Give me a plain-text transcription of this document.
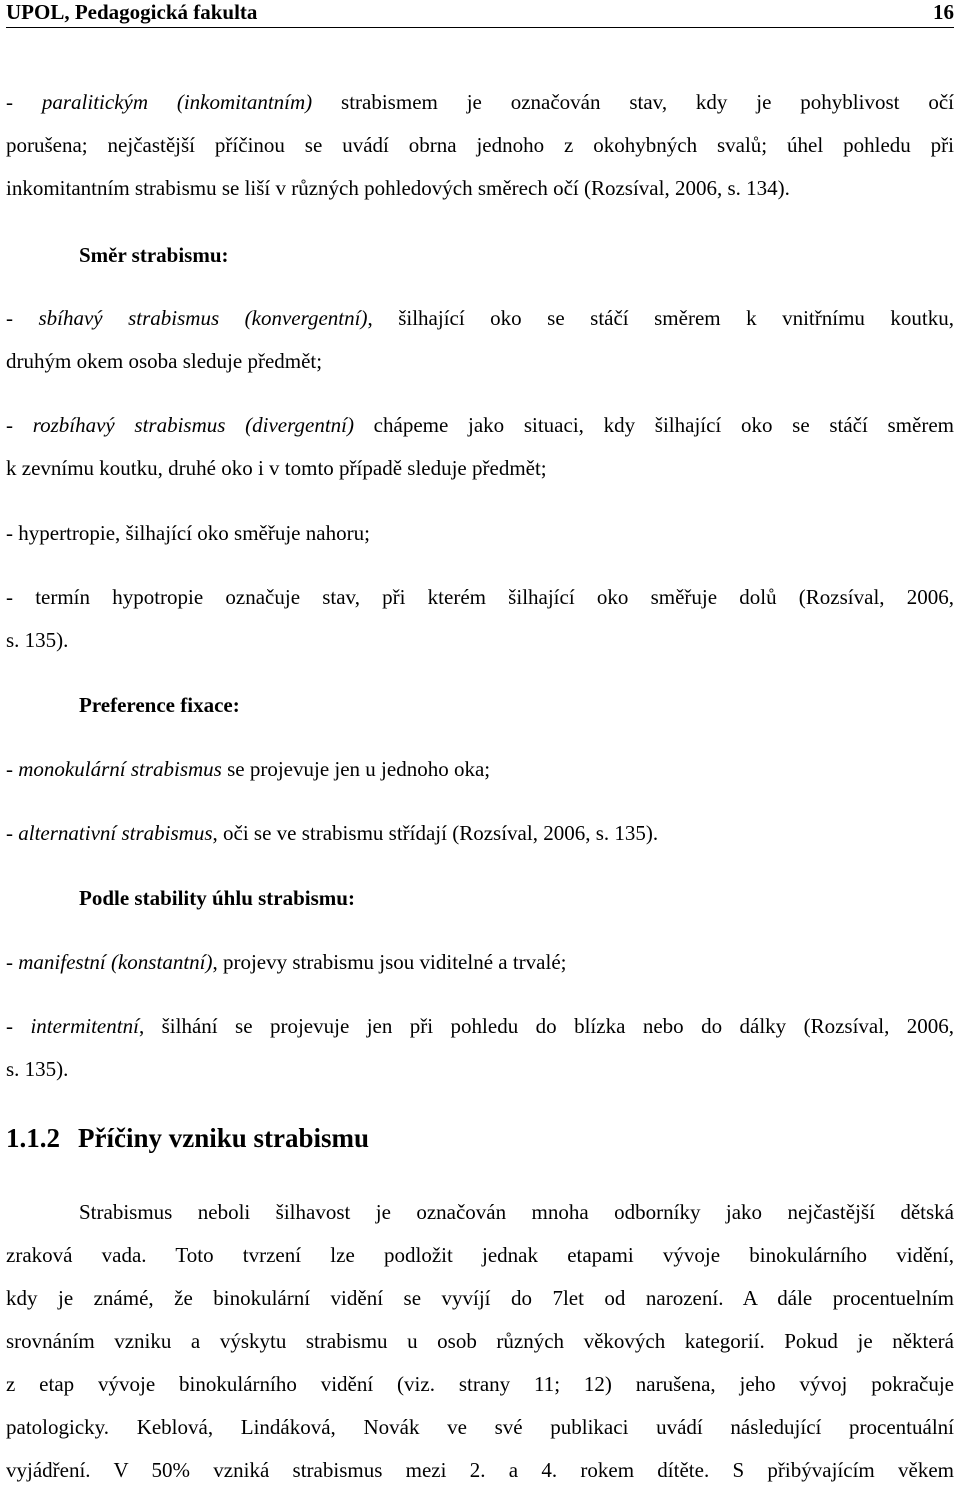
UPOL, Pedagogická fakulta	16
- paralitickým (inkomitantním) strabismem je označován stav, kdy je pohyblivost očí
porušena; nejčastější příčinou se uvádí obrna jednoho z okohybných svalů; úhel pohledu při
inkomitantním strabismu se liší v různých pohledových směrech očí (Rozsíval, 2006, s. 134).
Směr strabismu:
- sbíhavý strabismus (konvergentní), šilhající oko se stáčí směrem k vnitřnímu koutku,
druhým okem osoba sleduje předmět;
- rozbíhavý strabismus (divergentní) chápeme jako situaci, kdy šilhající oko se stáčí směrem
k zevnímu koutku, druhé oko i v tomto případě sleduje předmět;
- hypertropie, šilhající oko směřuje nahoru;
- termín hypotropie označuje stav, při kterém šilhající oko směřuje dolů (Rozsíval, 2006,
s. 135).
Preference fixace:
- monokulární strabismus se projevuje jen u jednoho oka;
- alternativní strabismus, oči se ve strabismu střídají (Rozsíval, 2006, s. 135).
Podle stability úhlu strabismu:
- manifestní (konstantní), projevy strabismu jsou viditelné a trvalé;
- intermitentní, šilhání se projevuje jen při pohledu do blízka nebo do dálky (Rozsíval, 2006,
s. 135).
1.1.2 Příčiny vzniku strabismu
Strabismus neboli šilhavost je označován mnoha odborníky jako nejčastější dětská
zraková vada. Toto tvrzení lze podložit jednak etapami vývoje binokulárního vidění,
kdy je známé, že binokulární vidění se vyvíjí do 7let od narození. A dále procentuelním
srovnáním vzniku a výskytu strabismu u osob různých věkových kategorií. Pokud je některá
z etap vývoje binokulárního vidění (viz. strany 11; 12) narušena, jeho vývoj pokračuje
patologicky. Keblová, Lindáková, Novák ve své publikaci uvádí následující procentuální
vyjádření. V 50% vzniká strabismus mezi 2. a 4. rokem dítěte. S přibývajícím věkem
